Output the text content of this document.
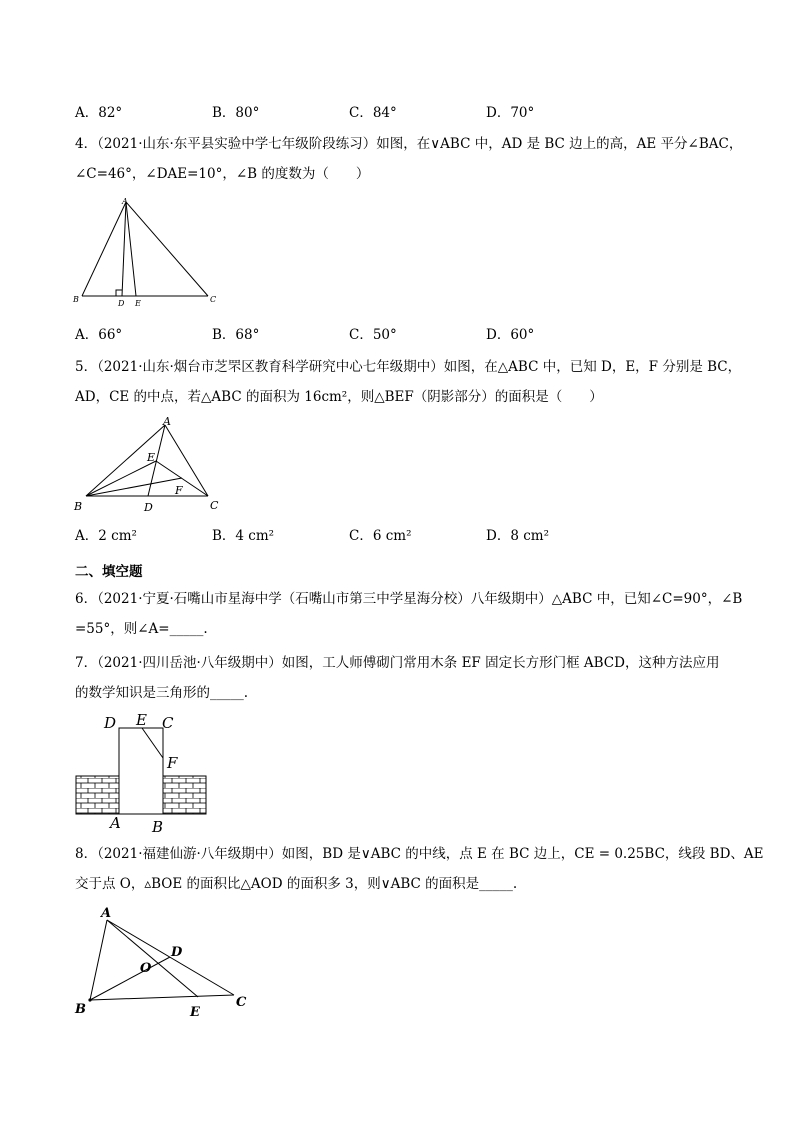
A．82°	B．80°	C．84°	D．70°
4．（2021·山东·东平县实验中学七年级阶段练习）如图，在∨ABC 中，AD 是 BC 边上的高，AE 平分∠BAC，
∠C=46°，∠DAE=10°，∠B 的度数为（　　）
A
B	C
D E
A．66°	B．68°	C．50°	D．60°
5．（2021·山东·烟台市芝罘区教育科学研究中心七年级期中）如图，在△ABC 中，已知 D，E，F 分别是 BC，
AD，CE 的中点，若△ABC 的面积为 16cm²，则△BEF（阴影部分）的面积是（　　）
A
B	C
D
E
F
A．2 cm²	B．4 cm²	C．6 cm²	D．8 cm²
二、填空题
6．（2021·宁夏·石嘴山市星海中学（石嘴山市第三中学星海分校）八年级期中）△ABC 中，已知∠C=90°，∠B
=55°，则∠A=_____.
7．（2021·四川岳池·八年级期中）如图，工人师傅砌门常用木条 EF 固定长方形门框 ABCD，这种方法应用
的数学知识是三角形的_____.
D E C
F
A B
8．（2021·福建仙游·八年级期中）如图，BD 是∨ABC 的中线，点 E 在 BC 边上，CE = 0.25BC，线段 BD、AE
交于点 O，▵BOE 的面积比△AOD 的面积多 3，则∨ABC 的面积是_____.
A
B	C
D
E
O
